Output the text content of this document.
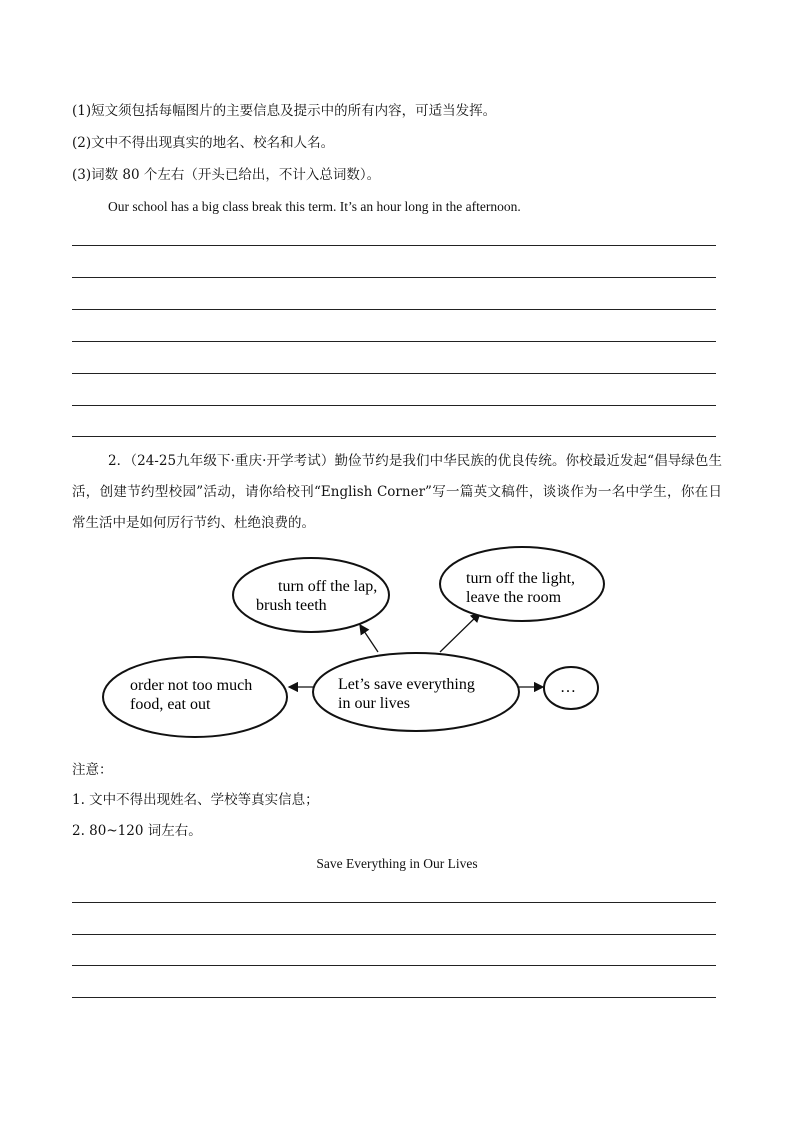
(1)短文须包括每幅图片的主要信息及提示中的所有内容，可适当发挥。
(2)文中不得出现真实的地名、校名和人名。
(3)词数 80 个左右（开头已给出，不计入总词数）。
Our school has a big class break this term. It’s an hour long in the afternoon.
2．（24-25九年级下·重庆·开学考试）勤俭节约是我们中华民族的优良传统。你校最近发起“倡导绿色生活，创建节约型校园”活动，请你给校刊“English Corner”写一篇英文稿件，谈谈作为一名中学生，你在日常生活中是如何厉行节约、杜绝浪费的。
turn off the lap,
brush teeth
turn off the light,
leave the room
order not too much
food, eat out
Let’s save everything
in our lives
…
注意：
1. 文中不得出现姓名、学校等真实信息；
2. 80~120 词左右。
Save Everything in Our Lives
